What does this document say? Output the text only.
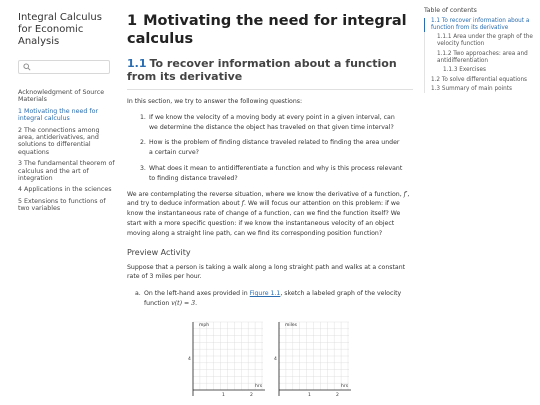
Integral Calculus for Economic Analysis
Acknowledgment of Source Materials
1 Motivating the need for integral calculus
2 The connections among area, antiderivatives, and solutions to differential equations
3 The fundamental theorem of calculus and the art of integration
4 Applications in the sciences
5 Extensions to functions of two variables
1 Motivating the need for integral calculus
1.1 To recover information about a function from its derivative
In this section, we try to answer the following questions:
1. If we know the velocity of a moving body at every point in a given interval, can we determine the distance the object has traveled on that given time interval?
2. How is the problem of finding distance traveled related to finding the area under a certain curve?
3. What does it mean to antidifferentiate a function and why is this process relevant to finding distance traveled?
We are contemplating the reverse situation, where we know the derivative of a function, f′, and try to deduce information about f. We will focus our attention on this problem: if we know the instantaneous rate of change of a function, can we find the function itself? We start with a more specific question: if we know the instantaneous velocity of an object moving along a straight line path, can we find its corresponding position function?
Preview Activity
Suppose that a person is taking a walk along a long straight path and walks at a constant rate of 3 miles per hour.
a. On the left-hand axes provided in Figure 1.1, sketch a labeled graph of the velocity function v(t) = 3.
mph
4
hrs
1	2
miles
4
hrs
1	2
Table of contents
1.1 To recover information about a function from its derivative
1.1.1 Area under the graph of the velocity function
1.1.2 Two approaches: area and antidifferentiation
1.1.3 Exercises
1.2 To solve differential equations
1.3 Summary of main points
